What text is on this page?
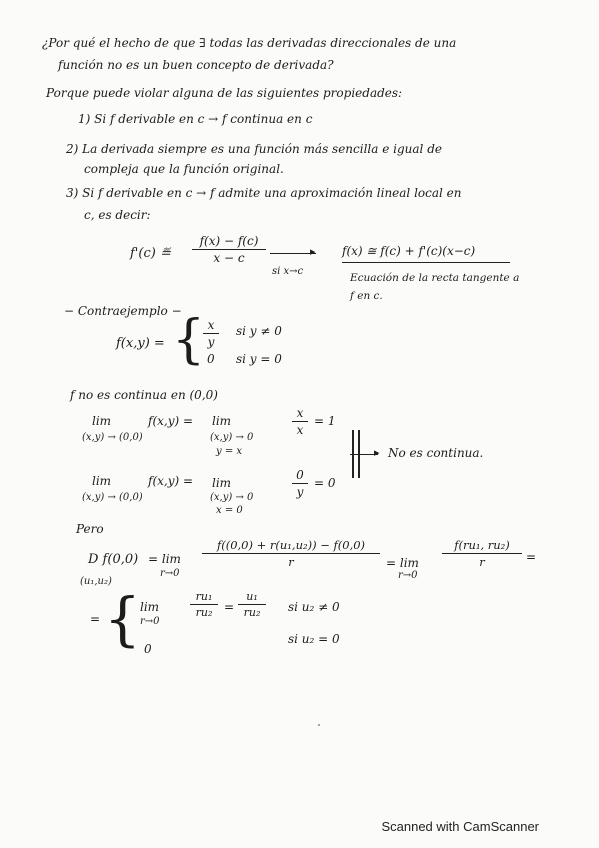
¿Por qué el hecho de que ∃ todas las derivadas direccionales de una
función no es un buen concepto de derivada?
Porque puede violar alguna de las siguientes propiedades:
1) Si f derivable en c → f continua en c
2) La derivada siempre es una función más sencilla e igual de
compleja que la función original.
3) Si f derivable en c → f admite una aproximación lineal local en
c, es decir:
f'(c) ≝ $\frac{f(x) - f(c)}{x - c}$	▸
si x→c
f(x) ≅ f(c) + f'(c)(x−c)
Ecuación de la recta tangente a
f en c.
− Contraejemplo −
f(x,y) = {
$\frac{x}{y}$ si y ≠ 0
0 si y = 0
f no es continua en (0,0)
lim
(x,y) → (0,0)
f(x,y) = lim
(x,y) → 0
y = x
$\frac{x}{x} = 1$
lim
(x,y) → (0,0)
f(x,y) = lim
(x,y) → 0
x = 0
$\frac{0}{y} = 0$
▸ No es continua.
Pero
D f(0,0)
(u₁,u₂)
= lim
r→0
$\frac{\text{f((0,0) + r(u₁,u₂)) − f(0,0)}}{r} = \lim$
r→0
$\frac{\text{f(ru₁, ru₂)}}{r}$ =
= { lim
r→0
$\frac{\text{ru₁}}{\text{ru₂}} = \frac{\text{u₁}}{\text{ru₂}}$ si u₂ ≠ 0
0
si u₂ = 0
Scanned with CamScanner
